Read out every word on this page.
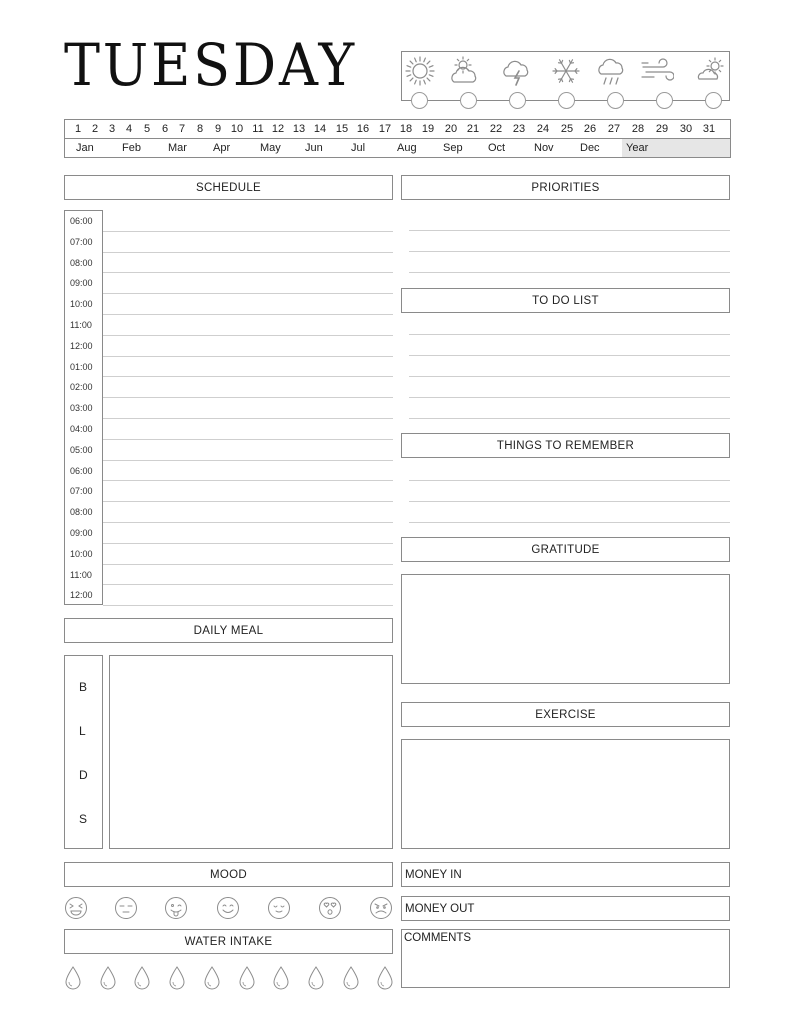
TUESDAY
1 2 3 4	5	6 7	8	9 10 11 12 13 14 15 16 17 18 19 20 21 22 23	24	25 26	27	28	29	30 31
Jan	Feb Mar Apr	May Jun	Jul	Aug Sep Oct	Nov Dec Year
SCHEDULE
06:00
07:00
08:00
09:00
10:00
11:00
12:00
01:00
02:00
03:00
04:00
05:00
06:00
07:00
08:00
09:00
10:00
11:00
12:00
PRIORITIES
TO DO LIST
THINGS TO REMEMBER
GRATITUDE
EXERCISE
DAILY MEAL
B
L
D
S
MOOD
WATER INTAKE
MONEY IN
MONEY OUT
COMMENTS
